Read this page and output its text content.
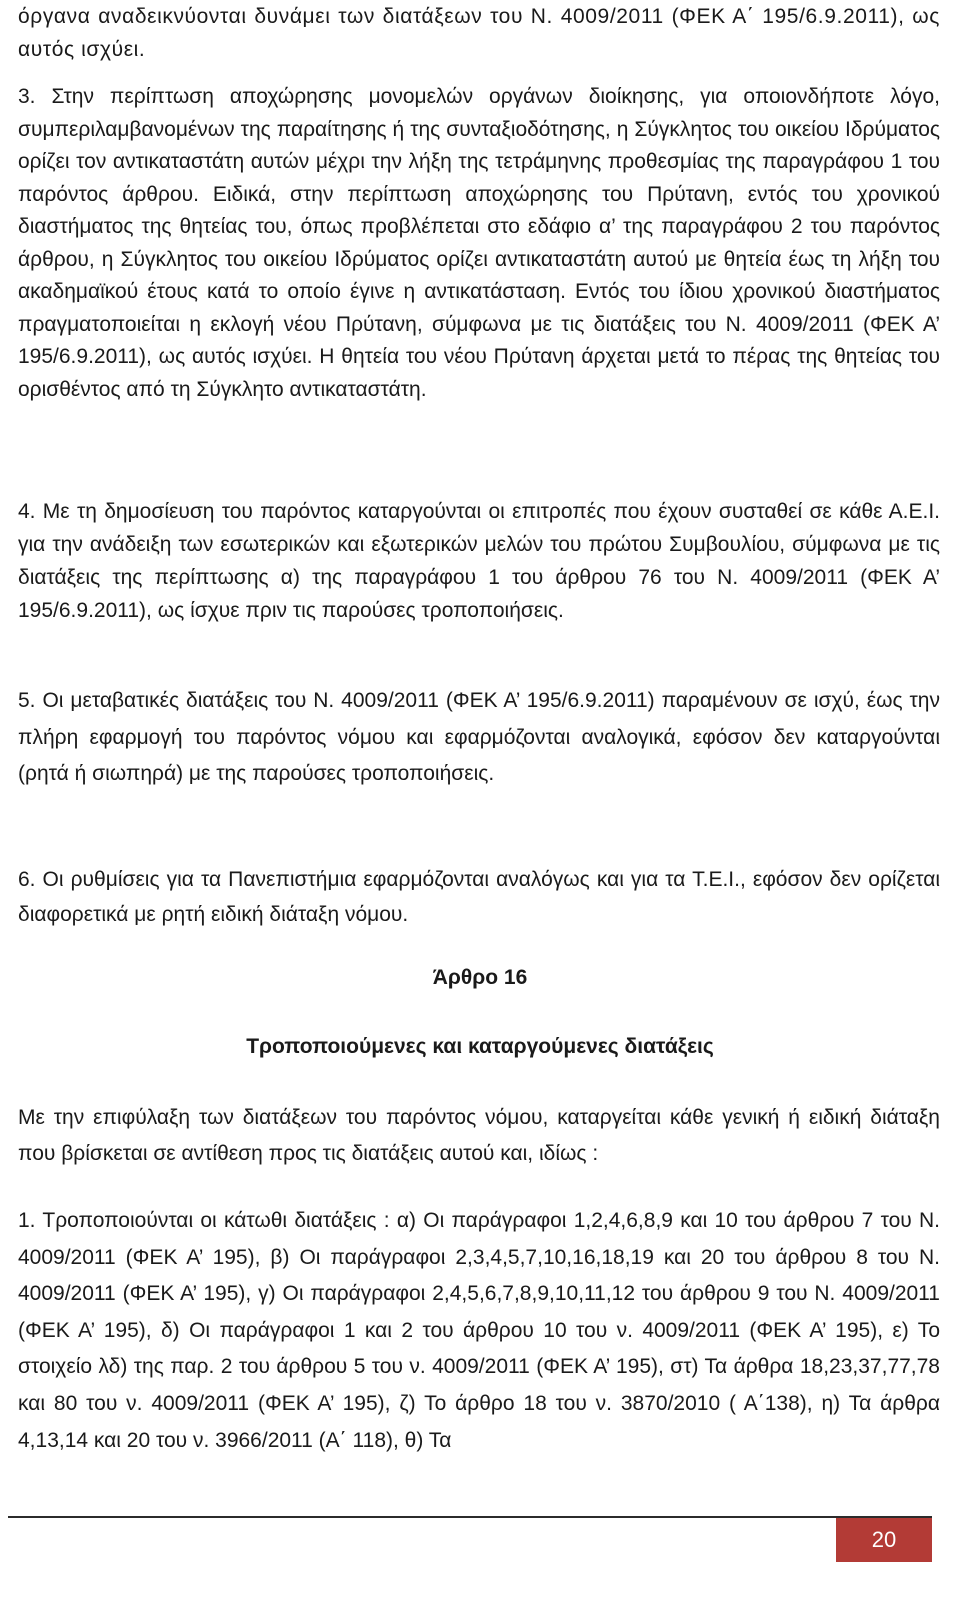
όργανα αναδεικνύονται δυνάμει των διατάξεων του Ν. 4009/2011 (ΦΕΚ Α΄ 195/6.9.2011), ως αυτός ισχύει.

3. Στην περίπτωση αποχώρησης μονομελών οργάνων διοίκησης, για οποιονδήποτε λόγο, συμπεριλαμβανομένων της παραίτησης ή της συνταξιοδότησης, η Σύγκλητος του οικείου Ιδρύματος ορίζει τον αντικαταστάτη αυτών μέχρι την λήξη της τετράμηνης προθεσμίας της παραγράφου 1 του παρόντος άρθρου. Ειδικά, στην περίπτωση αποχώρησης του Πρύτανη, εντός του χρονικού διαστήματος της θητείας του, όπως προβλέπεται στο εδάφιο α’ της παραγράφου 2 του παρόντος άρθρου, η Σύγκλητος του οικείου Ιδρύματος ορίζει αντικαταστάτη αυτού με θητεία έως τη λήξη του ακαδημαϊκού έτους κατά το οποίο έγινε η αντικατάσταση. Εντός του ίδιου χρονικού διαστήματος πραγματοποιείται η εκλογή νέου Πρύτανη, σύμφωνα με τις διατάξεις του Ν. 4009/2011 (ΦΕΚ Α’ 195/6.9.2011), ως αυτός ισχύει. Η θητεία του νέου Πρύτανη άρχεται μετά το πέρας της θητείας του ορισθέντος από τη Σύγκλητο αντικαταστάτη.

4. Με τη δημοσίευση του παρόντος καταργούνται οι επιτροπές που έχουν συσταθεί σε κάθε Α.Ε.Ι. για την ανάδειξη των εσωτερικών και εξωτερικών μελών του πρώτου Συμβουλίου, σύμφωνα με τις διατάξεις της περίπτωσης α) της παραγράφου 1 του άρθρου 76 του Ν. 4009/2011 (ΦΕΚ Α’ 195/6.9.2011), ως ίσχυε πριν τις παρούσες τροποποιήσεις.

5. Οι μεταβατικές διατάξεις του Ν. 4009/2011 (ΦΕΚ Α’ 195/6.9.2011) παραμένουν σε ισχύ, έως την πλήρη εφαρμογή του παρόντος νόμου και εφαρμόζονται αναλογικά, εφόσον δεν καταργούνται (ρητά ή σιωπηρά) με της παρούσες τροποποιήσεις.

6. Οι ρυθμίσεις για τα Πανεπιστήμια εφαρμόζονται αναλόγως και για τα Τ.Ε.Ι., εφόσον δεν ορίζεται διαφορετικά με ρητή ειδική διάταξη νόμου.

Άρθρο 16
Τροποποιούμενες και καταργούμενες διατάξεις

Με την επιφύλαξη των διατάξεων του παρόντος νόμου, καταργείται κάθε γενική ή ειδική διάταξη που βρίσκεται σε αντίθεση προς τις διατάξεις αυτού και, ιδίως :

1. Τροποποιούνται οι κάτωθι διατάξεις : α) Οι παράγραφοι 1,2,4,6,8,9 και 10 του άρθρου 7 του Ν. 4009/2011 (ΦΕΚ Α’ 195), β) Οι παράγραφοι 2,3,4,5,7,10,16,18,19 και 20 του άρθρου 8 του Ν. 4009/2011 (ΦΕΚ Α’ 195), γ) Οι παράγραφοι 2,4,5,6,7,8,9,10,11,12 του άρθρου 9 του Ν. 4009/2011 (ΦΕΚ Α’ 195), δ) Οι παράγραφοι 1 και 2 του άρθρου 10 του ν. 4009/2011 (ΦΕΚ Α’ 195), ε) Το στοιχείο λδ) της παρ. 2 του άρθρου 5 του ν. 4009/2011 (ΦΕΚ Α’ 195), στ) Τα άρθρα 18,23,37,77,78 και 80 του ν. 4009/2011 (ΦΕΚ Α’ 195), ζ) Το άρθρο 18 του ν. 3870/2010 ( Α΄138), η) Τα άρθρα 4,13,14 και 20 του ν. 3966/2011 (Α΄ 118), θ) Τα

20
